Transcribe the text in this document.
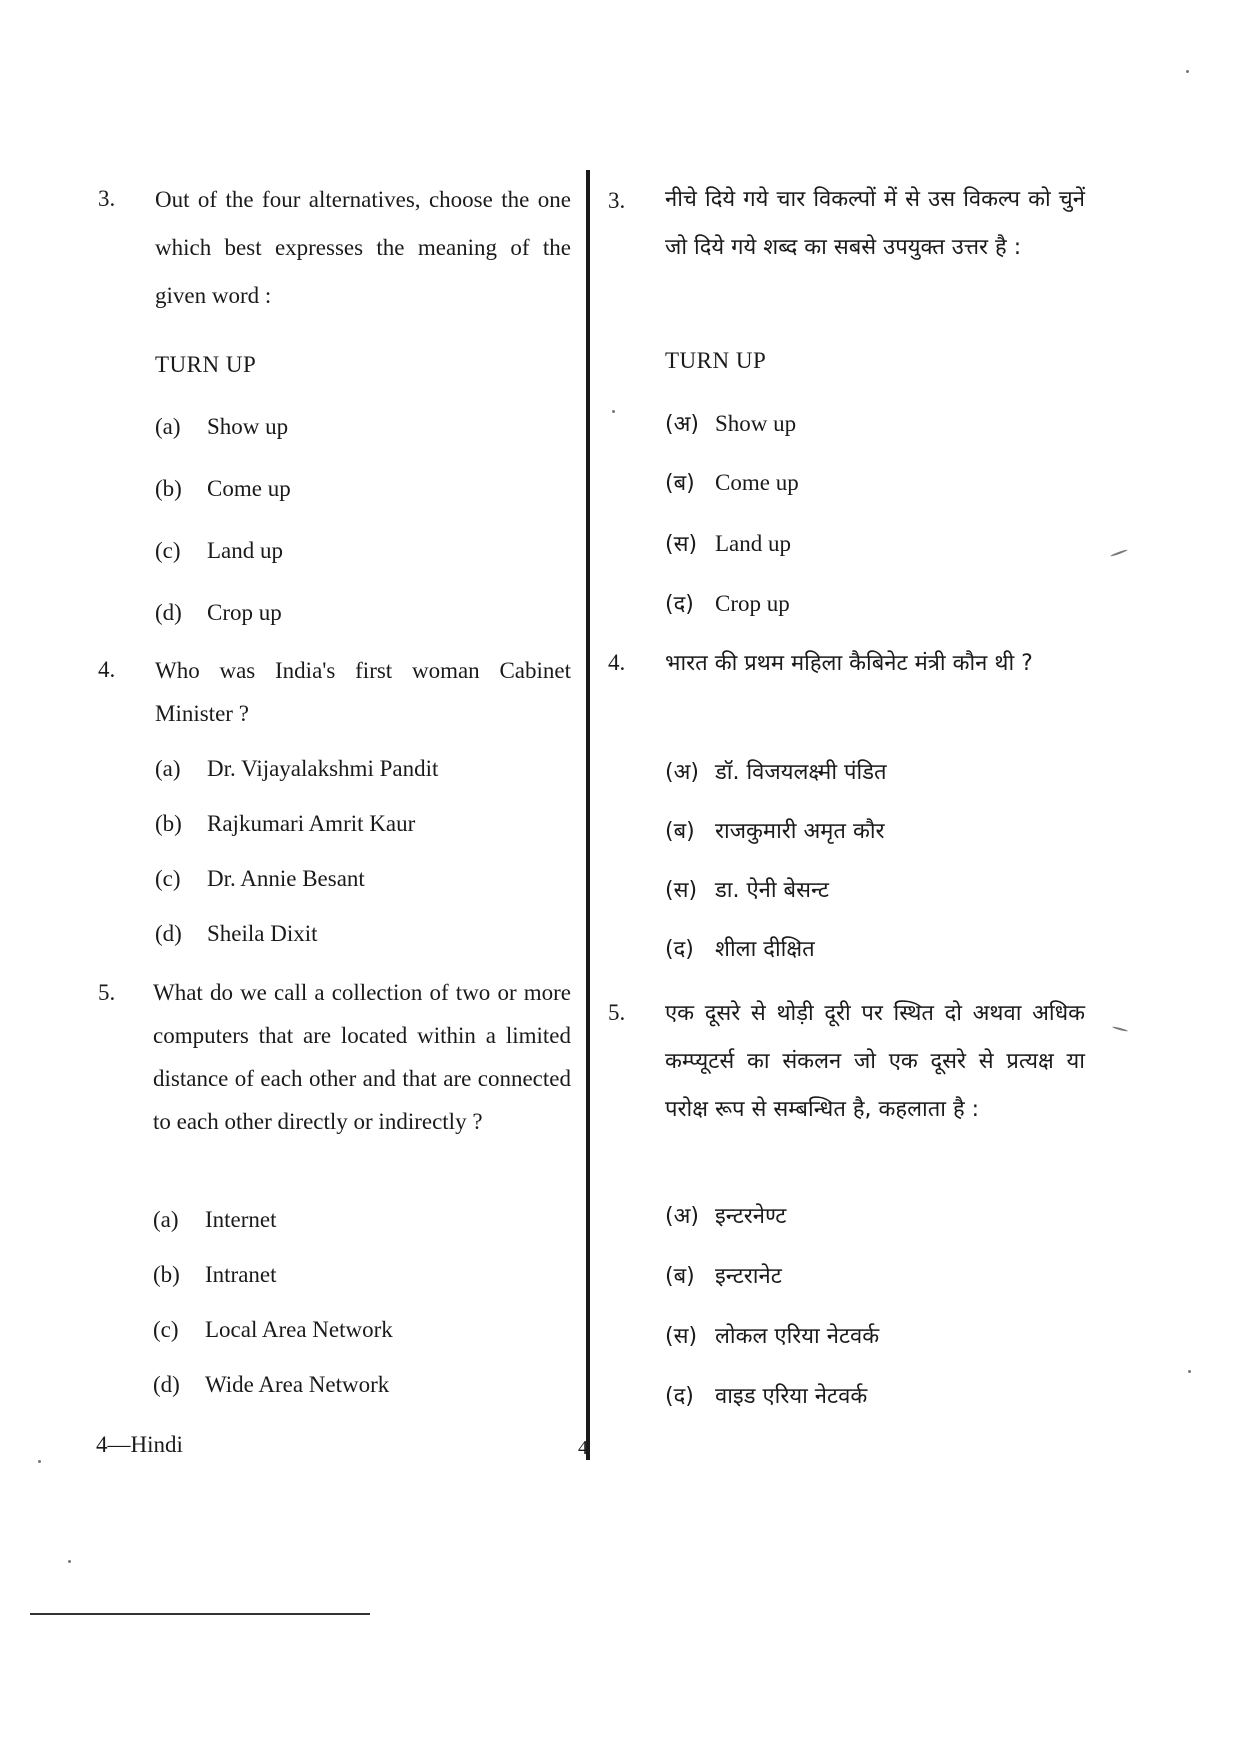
3. Out of the four alternatives, choose the one which best expresses the meaning of the given word :
TURN UP
(a) Show up
(b) Come up
(c) Land up
(d) Crop up
4. Who was India's first woman Cabinet Minister ?
(a) Dr. Vijayalakshmi Pandit
(b) Rajkumari Amrit Kaur
(c) Dr. Annie Besant
(d) Sheila Dixit
5. What do we call a collection of two or more computers that are located within a limited distance of each other and that are connected to each other directly or indirectly ?
(a) Internet
(b) Intranet
(c) Local Area Network
(d) Wide Area Network
3. नीचे दिये गये चार विकल्पों में से उस विकल्प को चुनें जो दिये गये शब्द का सबसे उपयुक्त उत्तर है :
TURN UP
(अ) Show up
(ब) Come up
(स) Land up
(द) Crop up
4. भारत की प्रथम महिला कैबिनेट मंत्री कौन थी ?
(अ) डॉ. विजयलक्ष्मी पंडित
(ब) राजकुमारी अमृत कौर
(स) डा. ऐनी बेसन्ट
(द) शीला दीक्षित
5. एक दूसरे से थोड़ी दूरी पर स्थित दो अथवा अधिक कम्प्यूटर्स का संकलन जो एक दूसरे से प्रत्यक्ष या परोक्ष रूप से सम्बन्धित है, कहलाता है :
(अ) इन्टरनेण्ट
(ब) इन्टरानेट
(स) लोकल एरिया नेटवर्क
(द) वाइड एरिया नेटवर्क
4—Hindi	4
